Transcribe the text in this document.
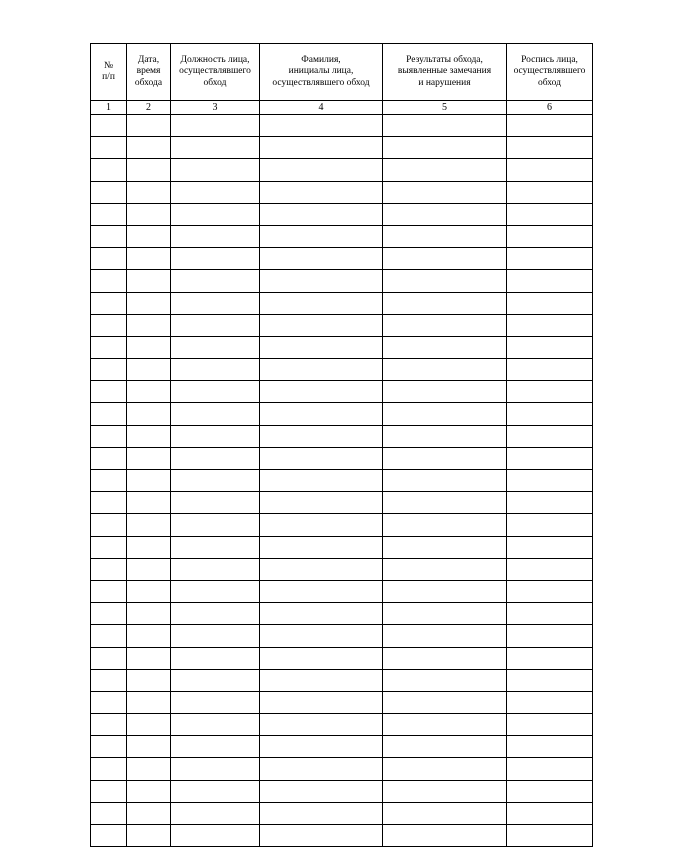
№
п/п	Дата,
время
обхода	Должность лица,
осуществлявшего
обход	Фамилия,
инициалы лица,
осуществлявшего обход	Результаты обхода,
выявленные замечания
и нарушения	Роспись лица,
осуществлявшего
обход

1	2	3	4	5	6
